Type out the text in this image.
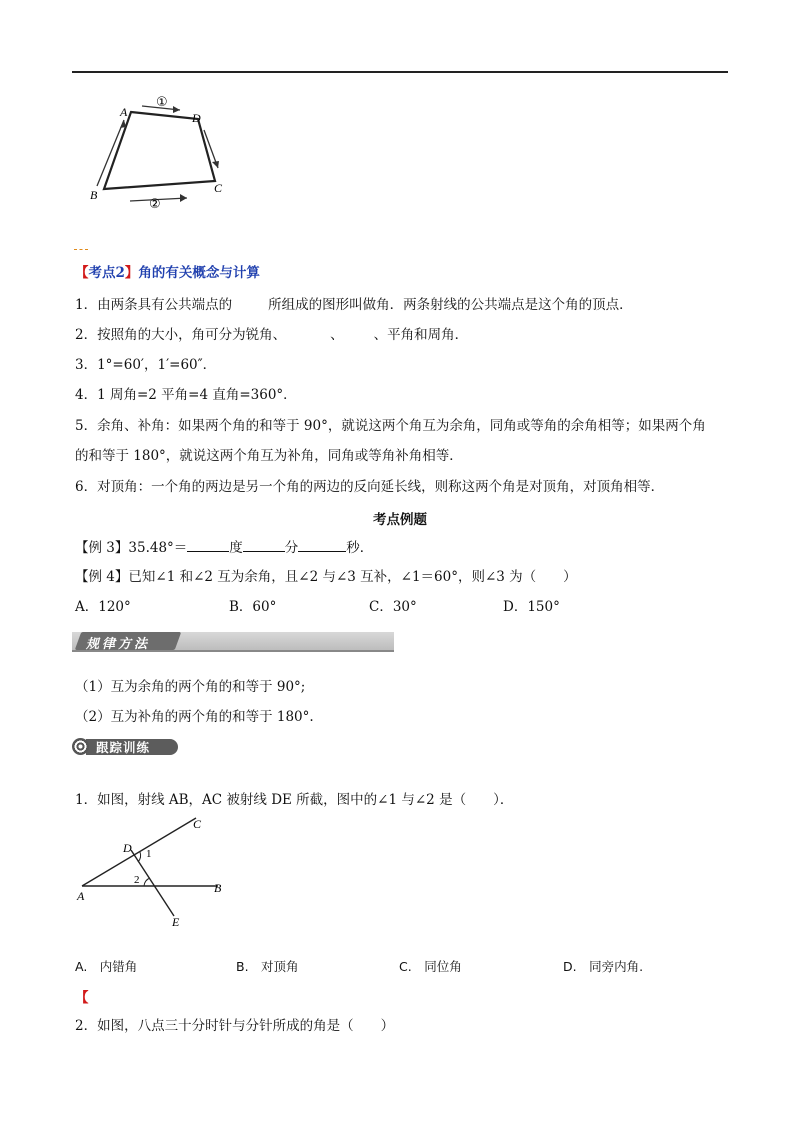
A	D
B	C
①
②
【考点2】角的有关概念与计算
1．由两条具有公共端点的	所组成的图形叫做角．两条射线的公共端点是这个角的顶点．
2．按照角的大小，角可分为锐角、	、 、平角和周角．
3．1°=60′，1′=60″．
4．1 周角=2 平角=4 直角=360°．
5．余角、补角：如果两个角的和等于 90°，就说这两个角互为余角，同角或等角的余角相等；如果两个角
的和等于 180°，就说这两个角互为补角，同角或等角补角相等．
6．对顶角：一个角的两边是另一个角的两边的反向延长线，则称这两个角是对顶角，对顶角相等．
考点例题
【例 3】35.48°＝	度	分	秒．
【例 4】已知∠1 和∠2 互为余角，且∠2 与∠3 互补，∠1＝60°，则∠3 为（　　）
A．120°	B．60°	C．30°	D．150°
规律方法
（1）互为余角的两个角的和等于 90°;
（2）互为补角的两个角的和等于 180°.
跟踪训练
1．如图，射线 AB，AC 被射线 DE 所截，图中的∠1 与∠2 是（　　）．
C
D 1
2
A
B
E
A.　内错角	B.　对顶角	C.　同位角	D.　同旁内角.
【
2．如图，八点三十分时针与分针所成的角是（　　）
